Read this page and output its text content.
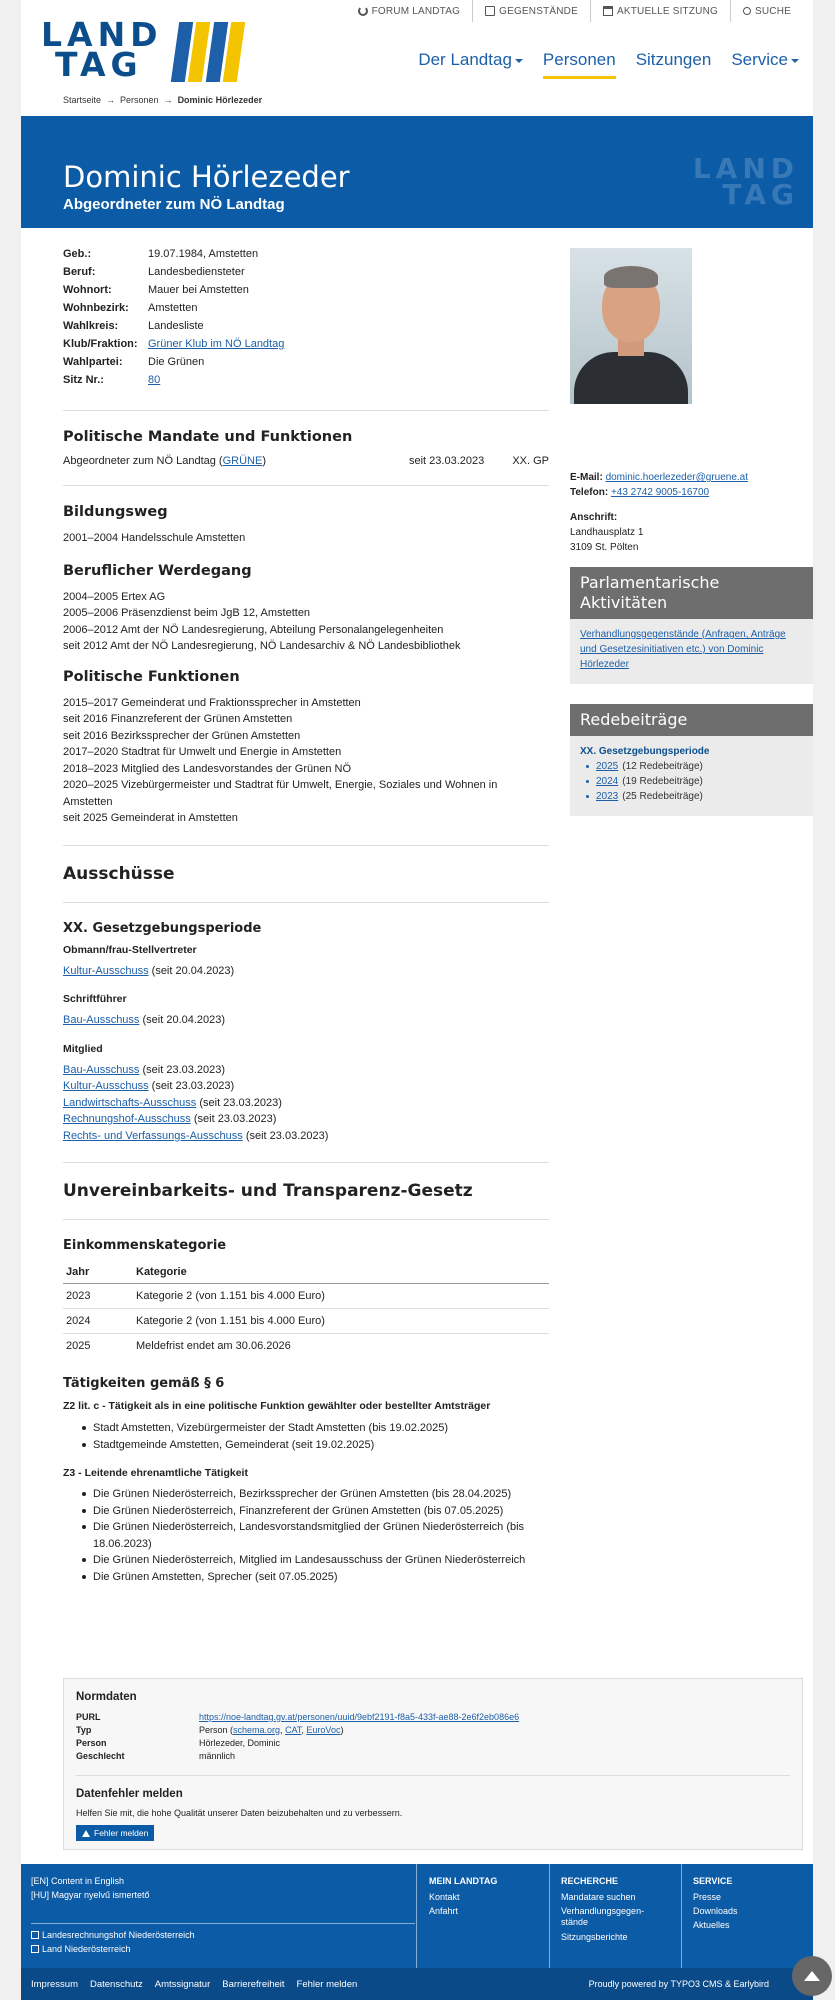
FORUM LANDTAG	GEGENSTÄNDE	AKTUELLE SITZUNG	SUCHE
LAND
TAG	Der Landtag	Personen Sitzungen Service
Startseite → Personen → Dominic Hörlezeder
Dominic Hörlezeder
Abgeordneter zum NÖ Landtag
LAND
TAG
Geb.:	19.07.1984, Amstetten
Beruf:	Landesbediensteter
Wohnort:	Mauer bei Amstetten
Wohnbezirk:	Amstetten
Wahlkreis:	Landesliste
Klub/Fraktion: Grüner Klub im NÖ Landtag
Wahlpartei:	Die Grünen
Sitz Nr.:	80
Politische Mandate und Funktionen
Abgeordneter zum NÖ Landtag (GRÜNE)	seit 23.03.2023	XX. GP
Bildungsweg
2001–2004 Handelsschule Amstetten
Beruflicher Werdegang
2004–2005 Ertex AG
2005–2006 Präsenzdienst beim JgB 12, Amstetten
2006–2012 Amt der NÖ Landesregierung, Abteilung Personalangelegenheiten
seit 2012 Amt der NÖ Landesregierung, NÖ Landesarchiv & NÖ Landesbibliothek
Politische Funktionen
2015–2017 Gemeinderat und Fraktionssprecher in Amstetten
seit 2016 Finanzreferent der Grünen Amstetten
seit 2016 Bezirkssprecher der Grünen Amstetten
2017–2020 Stadtrat für Umwelt und Energie in Amstetten
2018–2023 Mitglied des Landesvorstandes der Grünen NÖ
2020–2025 Vizebürgermeister und Stadtrat für Umwelt, Energie, Soziales und Wohnen in Amstetten
seit 2025 Gemeinderat in Amstetten
Ausschüsse
XX. Gesetzgebungsperiode
Obmann/frau-Stellvertreter
Kultur-Ausschuss (seit 20.04.2023)
Schriftführer
Bau-Ausschuss (seit 20.04.2023)
Mitglied
Bau-Ausschuss (seit 23.03.2023)
Kultur-Ausschuss (seit 23.03.2023)
Landwirtschafts-Ausschuss (seit 23.03.2023)
Rechnungshof-Ausschuss (seit 23.03.2023)
Rechts- und Verfassungs-Ausschuss (seit 23.03.2023)
Unvereinbarkeits- und Transparenz-Gesetz
Einkommenskategorie
Jahr	Kategorie
2023	Kategorie 2 (von 1.151 bis 4.000 Euro)
2024	Kategorie 2 (von 1.151 bis 4.000 Euro)
2025	Meldefrist endet am 30.06.2026
Tätigkeiten gemäß § 6
Z2 lit. c - Tätigkeit als in eine politische Funktion gewählter oder bestellter Amtsträger
Stadt Amstetten, Vizebürgermeister der Stadt Amstetten (bis 19.02.2025)
Stadtgemeinde Amstetten, Gemeinderat (seit 19.02.2025)
Z3 - Leitende ehrenamtliche Tätigkeit
Die Grünen Niederösterreich, Bezirkssprecher der Grünen Amstetten (bis 28.04.2025)
Die Grünen Niederösterreich, Finanzreferent der Grünen Amstetten (bis 07.05.2025)
Die Grünen Niederösterreich, Landesvorstandsmitglied der Grünen Niederösterreich (bis 18.06.2023)
Die Grünen Niederösterreich, Mitglied im Landesausschuss der Grünen Niederösterreich
Die Grünen Amstetten, Sprecher (seit 07.05.2025)
E-Mail: dominic.hoerlezeder@gruene.at
Telefon: +43 2742 9005-16700
Anschrift:
Landhausplatz 1
3109 St. Pölten
Parlamentarische Aktivitäten
Verhandlungsgegenstände (Anfragen, Anträge und Gesetzesinitiativen etc.) von Dominic Hörlezeder
Redebeiträge
XX. Gesetzgebungsperiode
2025 (12 Redebeiträge)
2024 (19 Redebeiträge)
2023 (25 Redebeiträge)
Normdaten
PURL	https://noe-landtag.gv.at/personen/uuid/9ebf2191-f8a5-433f-ae88-2e6f2eb086e6
Typ	Person (schema.org, CAT, EuroVoc)
Person	Hörlezeder, Dominic
Geschlecht	männlich
Datenfehler melden

Helfen Sie mit, die hohe Qualität unserer Daten beizubehalten und zu verbessern.

Fehler melden
[EN] Content in English
[HU] Magyar nyelvű ismertető
Landesrechnungshof Niederösterreich
Land Niederösterreich
MEIN LANDTAG
Kontakt
Anfahrt
RECHERCHE
Mandatare suchen
Verhandlungsgegen-stände
Sitzungsberichte
SERVICE
Presse
Downloads
Aktuelles
Impressum Datenschutz Amtssignatur Barrierefreiheit Fehler melden	Proudly powered by TYPO3 CMS & Earlybird
